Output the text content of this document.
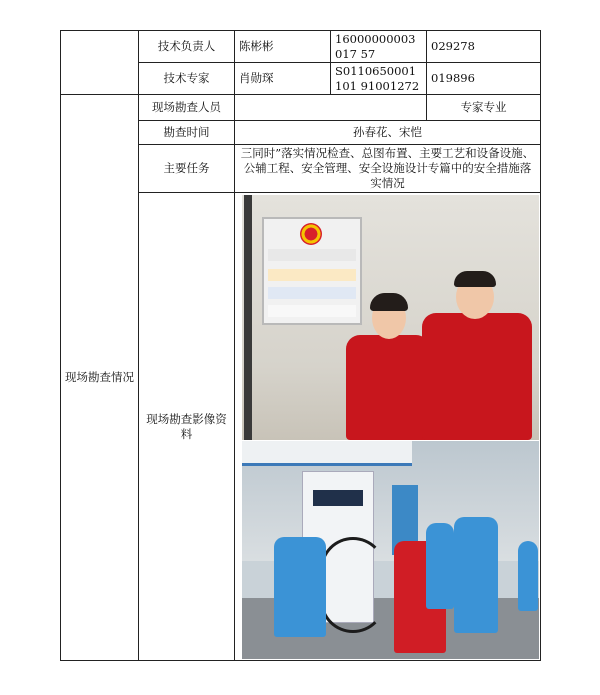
	技术负责人	陈彬彬	16000000003017 57	029278
	技术专家	肖勋琛	S0110650001101 91001272	019896
现场勘查情况	现场勘查人员			专家专业
	勘查时间	孙春花、宋恺		
	主要任务	三同时”落实情况检查、总图布置、主要工艺和设备设施、公辅工程、安全管理、安全设施设计专篇中的安全措施落实情况		
	现场勘查影像资料			
